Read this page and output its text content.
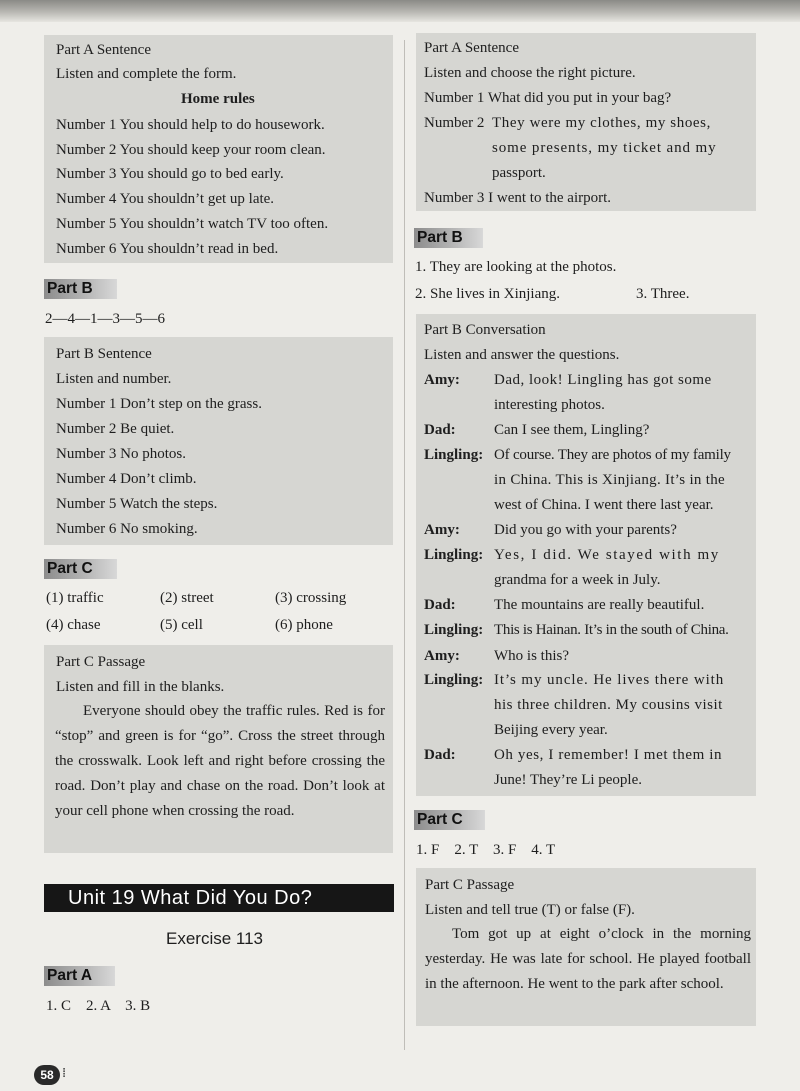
Part A Sentence
Listen and complete the form.
Home rules
Number 1 You should help to do housework.
Number 2 You should keep your room clean.
Number 3 You should go to bed early.
Number 4 You shouldn’t get up late.
Number 5 You shouldn’t watch TV too often.
Number 6 You shouldn’t read in bed.
Part B
2—4—1—3—5—6
Part B Sentence
Listen and number.
Number 1 Don’t step on the grass.
Number 2 Be quiet.
Number 3 No photos.
Number 4 Don’t climb.
Number 5 Watch the steps.
Number 6 No smoking.
Part C
(1) traffic	(2) street	(3) crossing
(4) chase	(5) cell	(6) phone
Part C Passage
Listen and fill in the blanks.
Everyone should obey the traffic rules. Red is for “stop” and green is for “go”. Cross the street through the crosswalk. Look left and right before crossing the road. Don’t play and chase on the road. Don’t look at your cell phone when crossing the road.
Unit 19 What Did You Do?
Exercise 113
Part A
1. C    2. A    3. B
58 ⁞
Part A Sentence
Listen and choose the right picture.
Number 1 What did you put in your bag?
Number 2 They were my clothes, my shoes,
some presents, my ticket and my
passport.
Number 3 I went to the airport.
Part B
1. They are looking at the photos.
2. She lives in Xinjiang.	3. Three.
Part B Conversation
Listen and answer the questions.
Amy: Dad, look! Lingling has got some
interesting photos.
Dad:	Can I see them, Lingling?
Lingling: Of course. They are photos of my family
in China. This is Xinjiang. It’s in the
west of China. I went there last year.
Amy: Did you go with your parents?
Lingling: Yes, I did. We stayed with my
grandma for a week in July.
Dad:	The mountains are really beautiful.
Lingling: This is Hainan. It’s in the south of China.
Amy: Who is this?
Lingling: It’s my uncle. He lives there with
his three children. My cousins visit
Beijing every year.
Dad:	Oh yes, I remember! I met them in
June! They’re Li people.
Part C
1. F    2. T    3. F    4. T
Part C Passage
Listen and tell true (T) or false (F).
Tom got up at eight o’clock in the morning yesterday. He was late for school. He played football in the afternoon. He went to the park after school.
